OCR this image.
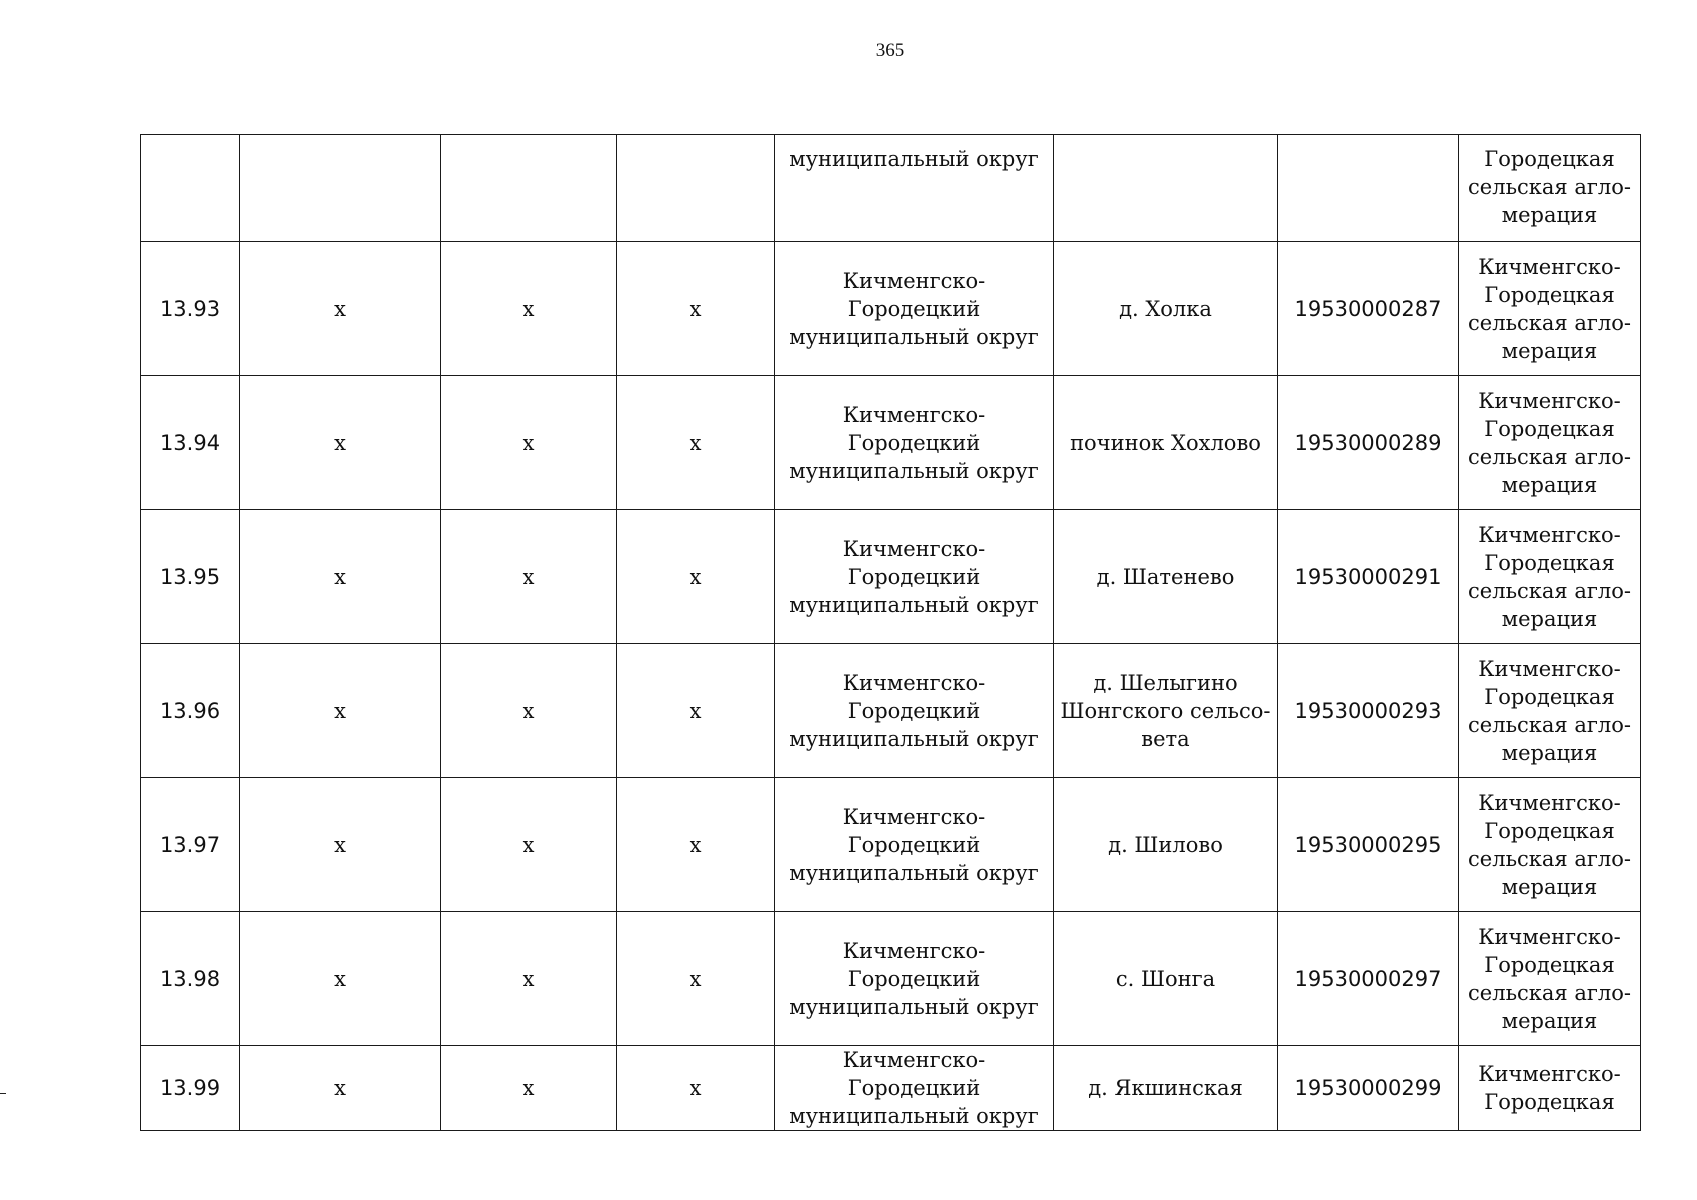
365
				муниципальный округ			Городецкая
сельская агло-
мерация
13.93	х	х	х	Кичменгско-Городецкий
муниципальный округ	д. Холка	19530000287	Кичменгско-
Городецкая
сельская агло-
мерация
13.94	х	х	х	Кичменгско-Городецкий
муниципальный округ	починок Хохлово	19530000289	Кичменгско-
Городецкая
сельская агло-
мерация
13.95	х	х	х	Кичменгско-Городецкий
муниципальный округ	д. Шатенево	19530000291	Кичменгско-
Городецкая
сельская агло-
мерация
13.96	х	х	х	Кичменгско-Городецкий
муниципальный округ	д. Шелыгино
Шонгского сельсо-
вета	19530000293	Кичменгско-
Городецкая
сельская агло-
мерация
13.97	х	х	х	Кичменгско-Городецкий
муниципальный округ	д. Шилово	19530000295	Кичменгско-
Городецкая
сельская агло-
мерация
13.98	х	х	х	Кичменгско-Городецкий
муниципальный округ	с. Шонга	19530000297	Кичменгско-
Городецкая
сельская агло-
мерация
13.99	х	х	х	Кичменгско-Городецкий
муниципальный округ	д. Якшинская	19530000299	Кичменгско-
Городецкая
